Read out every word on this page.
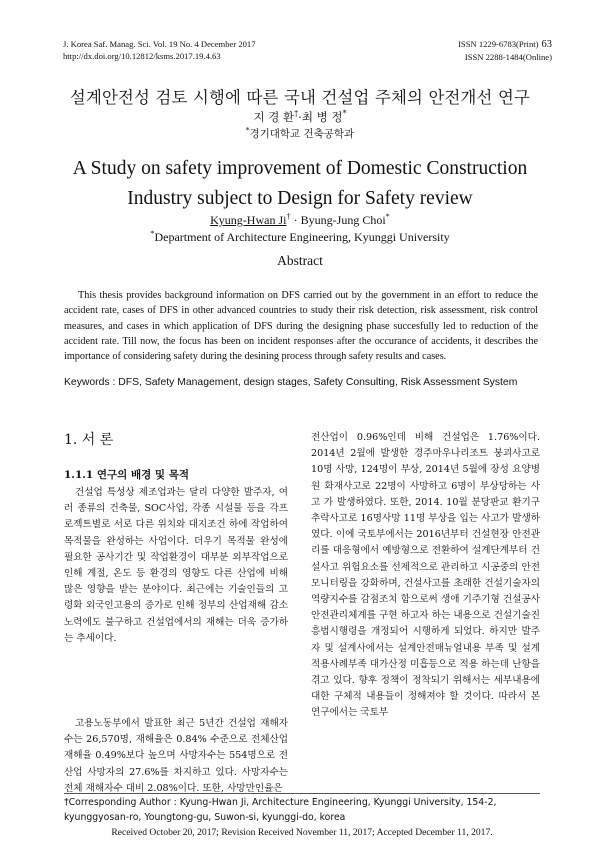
J. Korea Saf. Manag. Sci. Vol. 19 No. 4 December 2017
http://dx.doi.org/10.12812/ksms.2017.19.4.63
ISSN 1229-6783(Print) 63
ISSN 2288-1484(Online)
설계안전성 검토 시행에 따른 국내 건설업 주체의 안전개선 연구
지 경 환†·최 병 정*
*경기대학교 건축공학과
A Study on safety improvement of Domestic Construction
Industry subject to Design for Safety review
Kyung-Hwan Ji† · Byung-Jung Choi*
*Department of Architecture Engineering, Kyunggi University
Abstract

This thesis provides background information on DFS carried out by the government in an effort to reduce the accident rate, cases of DFS in other advanced countries to study their risk detection, risk assessment, risk control measures, and cases in which application of DFS during the designing phase succesfully led to reduction of the accident rate. Till now, the focus has been on incident responses after the occurance of accidents, it describes the importance of considering safety during the desining process through safety results and cases.

Keywords : DFS, Safety Management, design stages, Safety Consulting, Risk Assessment System
1. 서 론
1.1.1 연구의 배경 및 목적

건설업 특성상 제조업과는 달리 다양한 발주자, 여러 종류의 건축물, SOC사업, 각종 시설물 등을 각프로젝트별로 서로 다른 위치와 대지조건 하에 작업하여 목적물을 완성하는 사업이다. 더우기 목적물 완성에 필요한 공사기간 및 작업환경이 대부분 외부작업으로 인해 계절, 온도 등 환경의 영향도 다른 산업에 비해 많은 영향을 받는 분야이다. 최근에는 기술인들의 고령화 외국인고용의 증가로 인해 정부의 산업재해 감소 노력에도 불구하고 건설업에서의 재해는 더욱 증가하는 추세이다.

고용노동부에서 발표한 최근 5년간 건설업 재해자수는 26,570명, 재해율은 0.84% 수준으로 전체산업 재해율 0.49%보다 높으며 사망자수는 554명으로 전산업 사망자의 27.6%를 차지하고 있다. 사망자수는 전체 재해자수 대비 2.08%이다. 또한, 사망만인율은

전산업이 0.96%인데 비해 건설업은 1.76%이다. 2014년 2월에 발생한 경주마우나리조트 붕괴사고로 10명 사망, 124명이 부상, 2014년 5월에 장성 요양병원 화재사고로 22명이 사망하고 6명이 부상당하는 사고 가 발생하였다. 또한, 2014. 10월 분당판교 환기구 추락사고로 16명사망 11명 부상을 입는 사고가 발생하였다. 이에 국토부에서는 2016년부터 건설현장 안전관리를 대응형에서 예방형으로 전환하여 설계단계부터 건설사고 위험요소를 선제적으로 관리하고 시공중의 안전 모니터링을 강화하며, 건설사고를 초래한 건설기술자의 역량지수를 감점조치 함으로써 생애 기주기형 건설공사 안전관리체계를 구현 하고자 하는 내용으로 건설기술진흥법시행령을 개정되어 시행하게 되었다. 하지만 발주자 및 설계사에서는 설계안전매뉴얼내용 부족 및 설계적용사례부족 대가산정 미흡등으로 적용 하는데 난항을 겪고 있다. 향후 정책이 정착되기 위해서는 세부내용에 대한 구체적 내용들이 정해져야 할 것이다. 따라서 본 연구에서는 국토부

†Corresponding Author : Kyung-Hwan Ji, Architecture Engineering, Kyunggi University, 154-2, kyunggyosan-ro, Youngtong-gu, Suwon-si, kyunggi-do, korea
Received October 20, 2017; Revision Received November 11, 2017; Accepted December 11, 2017.
